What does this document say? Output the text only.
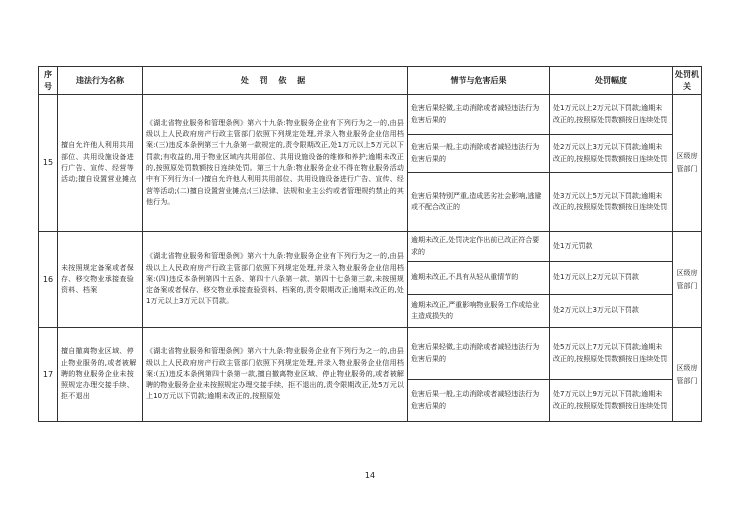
序号	违法行为名称	处 罚 依 据	情节与危害后果	处罚幅度	处罚机关
15	擅自允许他人利用共用部位、共用设施设备进行广告、宣传、经营等活动;擅自设置营业摊点	《湖北省物业服务和管理条例》第六十九条:物业服务企业有下列行为之一的,由县级以上人民政府房产行政主管部门依照下列规定处理,并录入物业服务企业信用档案:(三)违反本条例第三十九条第一款规定的,责令限期改正,处1万元以上5万元以下罚款;有收益的,用于物业区域内共用部位、共用设施设备的维修和养护;逾期未改正的,按照原处罚数额按日连续处罚。第三十九条:物业服务企业不得在物业服务活动中有下列行为:(一)擅自允许他人利用共用部位、共用设施设备进行广告、宣传、经营等活动;(二)擅自设置营业摊点;(三)法律、法规和业主公约或者管理规约禁止的其他行为。	危害后果轻微,主动消除或者减轻违法行为危害后果的	处1万元以上2万元以下罚款;逾期未改正的,按照原处罚数额按日连续处罚	区级房管部门
			危害后果一般,主动消除或者减轻违法行为危害后果的	处2万元以上3万元以下罚款;逾期未改正的,按照原处罚数额按日连续处罚	
			危害后果特别严重,造成恶劣社会影响,逃避或不配合改正的	处3万元以上5万元以下罚款;逾期未改正的,按照原处罚数额按日连续处罚	
16	未按照规定备案或者保存、移交物业承接查验资料、档案	《湖北省物业服务和管理条例》第六十九条:物业服务企业有下列行为之一的,由县级以上人民政府房产行政主管部门依照下列规定处理,并录入物业服务企业信用档案:(四)违反本条例第四十五条、第四十八条第一款、第四十七条第三款,未按照规定备案或者保存、移交物业承接查验资料、档案的,责令限期改正;逾期未改正的,处1万元以上3万元以下罚款。	逾期未改正,处罚决定作出前已改正符合要求的	处1万元罚款	区级房管部门
			逾期未改正,不具有从轻从重情节的	处1万元以上2万元以下罚款	
			逾期未改正,严重影响物业服务工作或给业主造成损失的	处2万元以上3万元以下罚款	
17	擅自撤离物业区域、停止物业服务的,或者被解聘的物业服务企业未按照规定办理交接手续、拒不退出	《湖北省物业服务和管理条例》第六十九条:物业服务企业有下列行为之一的,由县级以上人民政府房产行政主管部门依照下列规定处理,并录入物业服务企业信用档案:(五)违反本条例第四十条第一款,擅自撤离物业区域、停止物业服务的,或者被解聘的物业服务企业未按照规定办理交接手续、拒不退出的,责令限期改正,处5万元以上10万元以下罚款;逾期未改正的,按照原处	危害后果轻微,主动消除或者减轻违法行为危害后果的	处5万元以上7万元以下罚款;逾期未改正的,按照原处罚数额按日连续处罚	区级房管部门
			危害后果一般,主动消除或者减轻违法行为危害后果的	处7万元以上9万元以下罚款;逾期未改正的,按照原处罚数额按日连续处罚	
14
